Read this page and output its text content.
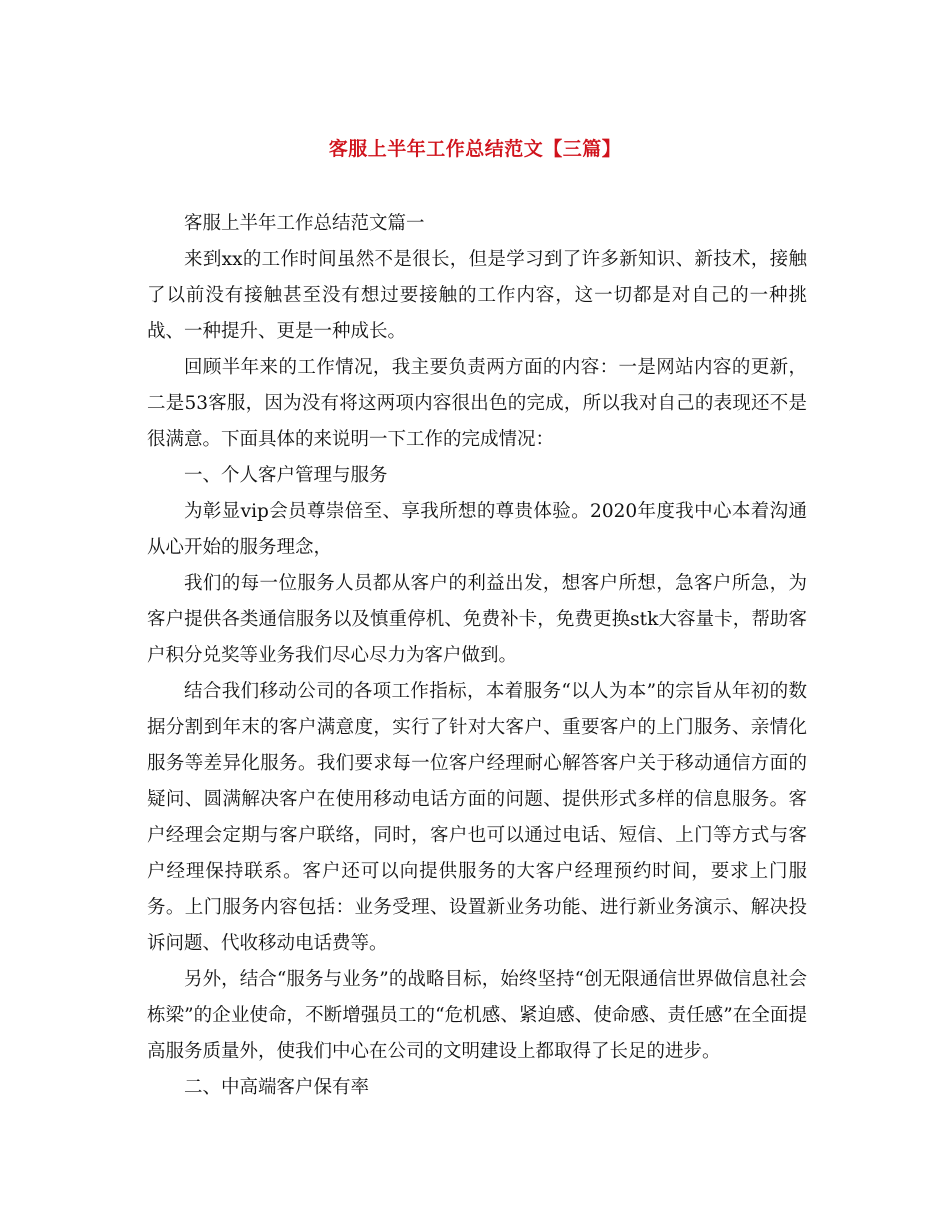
客服上半年工作总结范文【三篇】

客服上半年工作总结范文篇一

来到xx的工作时间虽然不是很长，但是学习到了许多新知识、新技术，接触了以前没有接触甚至没有想过要接触的工作内容，这一切都是对自己的一种挑战、一种提升、更是一种成长。

回顾半年来的工作情况，我主要负责两方面的内容：一是网站内容的更新，二是53客服，因为没有将这两项内容很出色的完成，所以我对自己的表现还不是很满意。下面具体的来说明一下工作的完成情况：

一、个人客户管理与服务

为彰显vip会员尊崇倍至、享我所想的尊贵体验。2020年度我中心本着沟通从心开始的服务理念，

我们的每一位服务人员都从客户的利益出发，想客户所想，急客户所急，为客户提供各类通信服务以及慎重停机、免费补卡，免费更换stk大容量卡，帮助客户积分兑奖等业务我们尽心尽力为客户做到。

结合我们移动公司的各项工作指标，本着服务“以人为本”的宗旨从年初的数据分割到年末的客户满意度，实行了针对大客户、重要客户的上门服务、亲情化服务等差异化服务。我们要求每一位客户经理耐心解答客户关于移动通信方面的疑问、圆满解决客户在使用移动电话方面的问题、提供形式多样的信息服务。客户经理会定期与客户联络，同时，客户也可以通过电话、短信、上门等方式与客户经理保持联系。客户还可以向提供服务的大客户经理预约时间，要求上门服务。上门服务内容包括：业务受理、设置新业务功能、进行新业务演示、解决投诉问题、代收移动电话费等。

另外，结合“服务与业务”的战略目标，始终坚持“创无限通信世界做信息社会栋梁”的企业使命，不断增强员工的“危机感、紧迫感、使命感、责任感”在全面提高服务质量外，使我们中心在公司的文明建设上都取得了长足的进步。

二、中高端客户保有率
